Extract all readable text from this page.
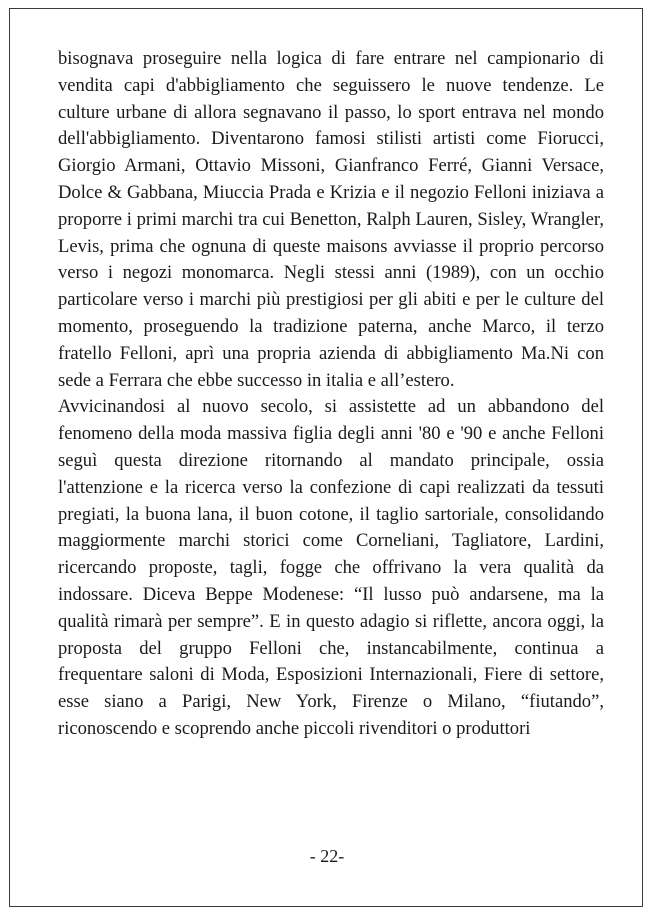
bisognava proseguire nella logica di fare entrare nel campionario di vendita capi d'abbigliamento che seguissero le nuove tendenze. Le culture urbane di allora segnavano il passo, lo sport entrava nel mondo dell'abbigliamento. Diventarono famosi stilisti artisti come Fiorucci, Giorgio Armani, Ottavio Missoni, Gianfranco Ferré, Gianni Versace, Dolce & Gabbana, Miuccia Prada e Krizia e il negozio Felloni iniziava a proporre i primi marchi tra cui Benetton, Ralph Lauren, Sisley, Wrangler, Levis, prima che ognuna di queste maisons avviasse il proprio percorso verso i negozi monomarca. Negli stessi anni (1989), con un occhio particolare verso i marchi più prestigiosi per gli abiti e per le culture del momento, proseguendo la tradizione paterna, anche Marco, il terzo fratello Felloni, aprì una propria azienda di abbigliamento Ma.Ni con sede a Ferrara che ebbe successo in italia e all’estero.

Avvicinandosi al nuovo secolo, si assistette ad un abbandono del fenomeno della moda massiva figlia degli anni '80 e '90 e anche Felloni seguì questa direzione ritornando al mandato principale, ossia l'attenzione e la ricerca verso la confezione di capi realizzati da tessuti pregiati, la buona lana, il buon cotone, il taglio sartoriale, consolidando maggiormente marchi storici come Corneliani, Tagliatore, Lardini, ricercando proposte, tagli, fogge che offrivano la vera qualità da indossare. Diceva Beppe Modenese: “Il lusso può andarsene, ma la qualità rimarà per sempre”. E in questo adagio si riflette, ancora oggi, la proposta del gruppo Felloni che, instancabilmente, continua a frequentare saloni di Moda, Esposizioni Internazionali, Fiere di settore, esse siano a Parigi, New York, Firenze o Milano, “fiutando”, riconoscendo e scoprendo anche piccoli rivenditori o produttori

- 22-
